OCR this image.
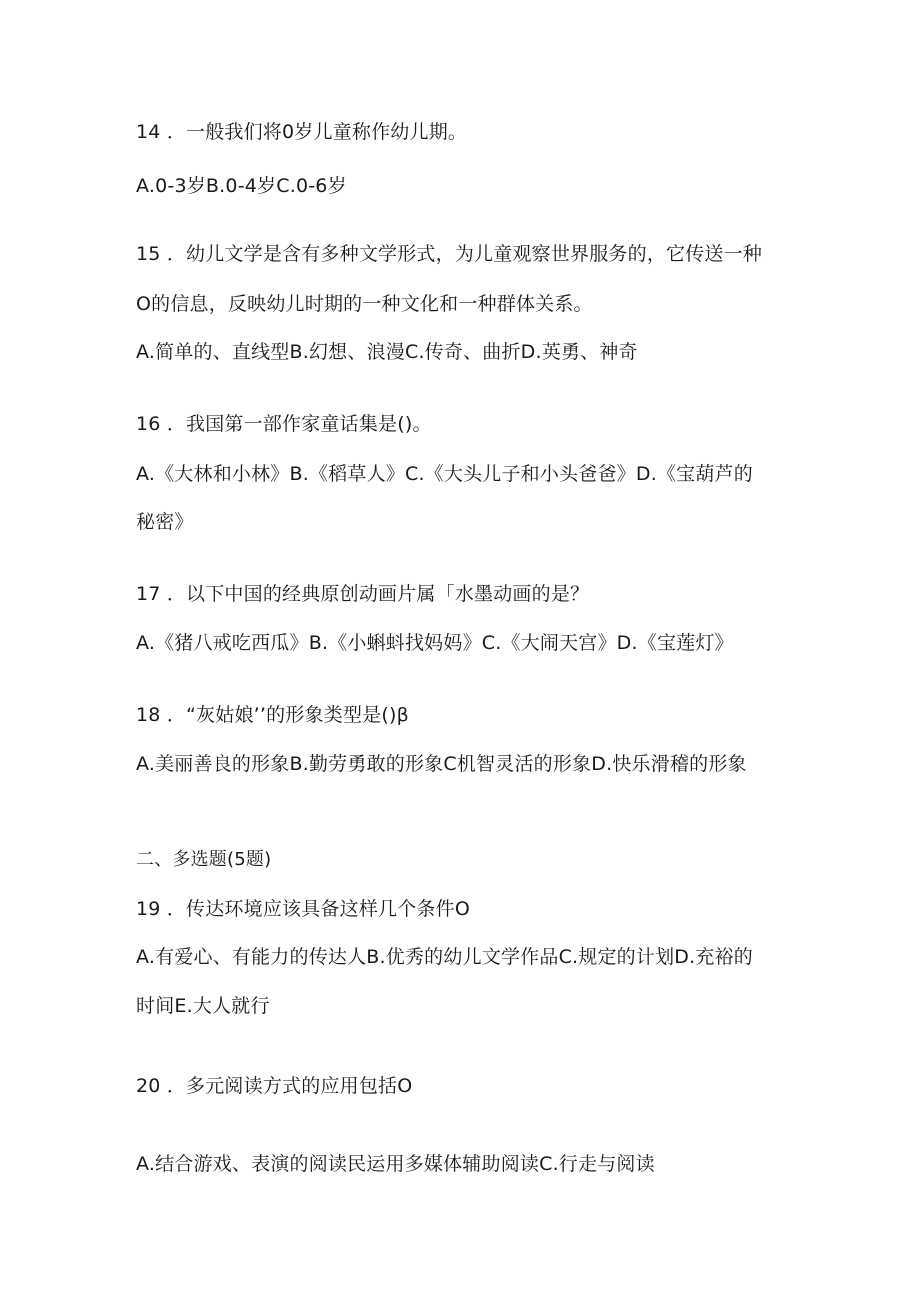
14 ．一般我们将0岁儿童称作幼儿期。
A.0-3岁B.0-4岁C.0-6岁
15 ．幼儿文学是含有多种文学形式，为儿童观察世界服务的，它传送一种
O的信息，反映幼儿时期的一种文化和一种群体关系。
A.简单的、直线型B.幻想、浪漫C.传奇、曲折D.英勇、神奇
16 ．我国第一部作家童话集是()。
A.《大林和小林》B.《稻草人》C.《大头儿子和小头爸爸》D.《宝葫芦的
秘密》
17 ．以下中国的经典原创动画片属「水墨动画的是？
A.《猪八戒吃西瓜》B.《小蝌蚪找妈妈》C.《大闹天宫》D.《宝莲灯》
18 ．“灰姑娘’’的形象类型是()β
A.美丽善良的形象B.勤劳勇敢的形象C机智灵活的形象D.快乐滑稽的形象
二、多选题(5题)
19 ．传达环境应该具备这样几个条件O
A.有爱心、有能力的传达人B.优秀的幼儿文学作品C.规定的计划D.充裕的
时间E.大人就行
20 ．多元阅读方式的应用包括O
A.结合游戏、表演的阅读民运用多媒体辅助阅读C.行走与阅读
